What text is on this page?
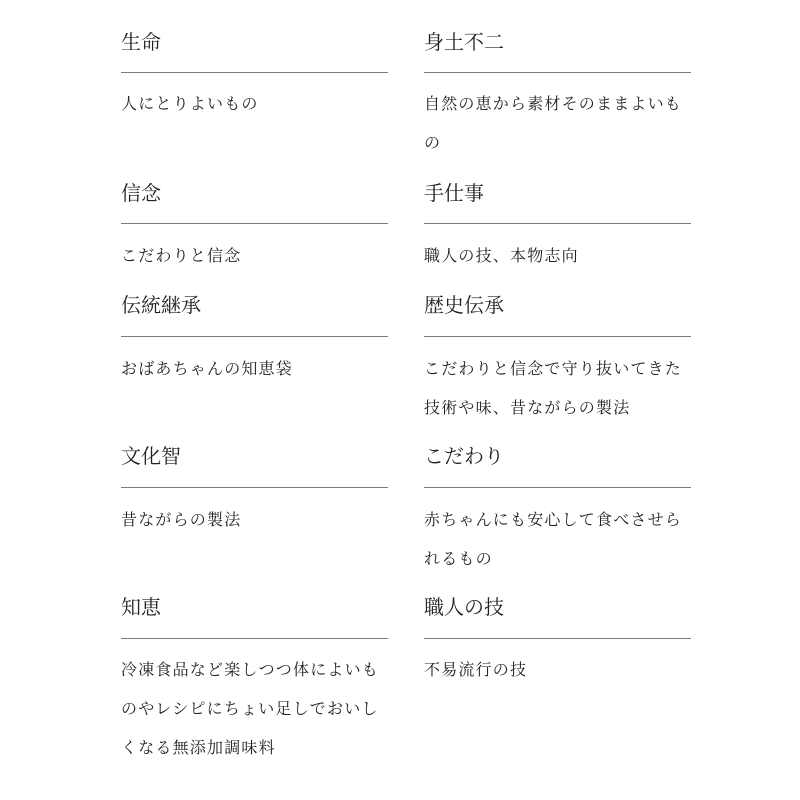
生命
人にとりよいもの
信念
こだわりと信念
伝統継承
おばあちゃんの知恵袋
文化智
昔ながらの製法
知恵
冷凍食品など楽しつつ体によいものやレシピにちょい足しでおいしくなる無添加調味料
身土不二
自然の恵から素材そのままよいもの
手仕事
職人の技、本物志向
歴史伝承
こだわりと信念で守り抜いてきた技術や味、昔ながらの製法
こだわり
赤ちゃんにも安心して食べさせられるもの
職人の技
不易流行の技
